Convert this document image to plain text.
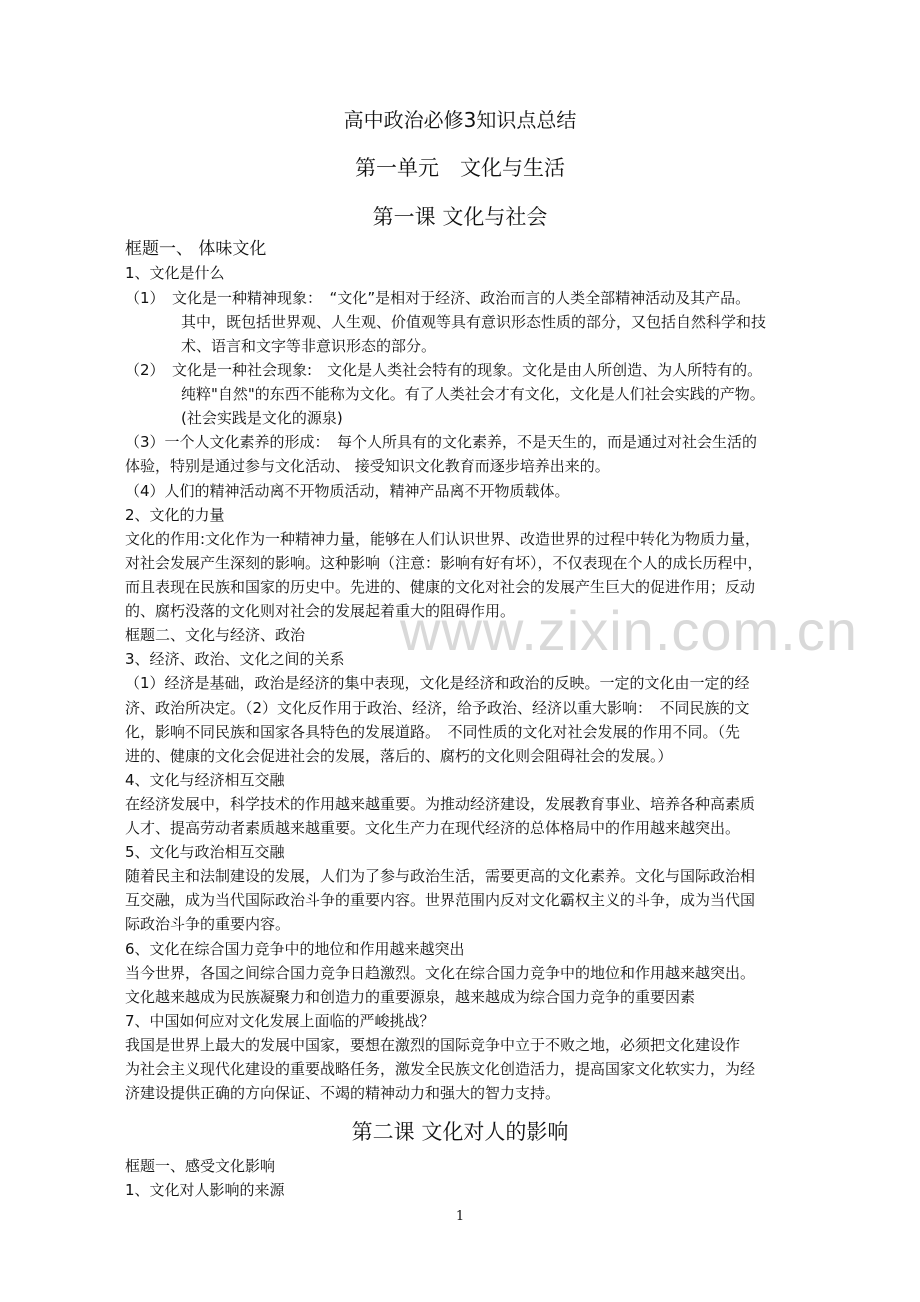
www.zixin.com.cn
高中政治必修3知识点总结
第一单元　文化与生活
第一课 文化与社会
框题一、 体味文化
1、文化是什么
（1）　文化是一种精神现象：　“文化”是相对于经济、政治而言的人类全部精神活动及其产品。
其中，既包括世界观、人生观、价值观等具有意识形态性质的部分，又包括自然科学和技
术、语言和文字等非意识形态的部分。
（2）　文化是一种社会现象:　文化是人类社会特有的现象。文化是由人所创造、为人所特有的。
纯粹"自然"的东西不能称为文化。有了人类社会才有文化，文化是人们社会实践的产物。
(社会实践是文化的源泉)
（3）一个人文化素养的形成：　每个人所具有的文化素养，不是天生的，而是通过对社会生活的
体验，特别是通过参与文化活动、 接受知识文化教育而逐步培养出来的。
（4）人们的精神活动离不开物质活动，精神产品离不开物质载体。
2、文化的力量
文化的作用:文化作为一种精神力量，能够在人们认识世界、改造世界的过程中转化为物质力量，
对社会发展产生深刻的影响。这种影响（注意：影响有好有坏），不仅表现在个人的成长历程中，
而且表现在民族和国家的历史中。先进的、健康的文化对社会的发展产生巨大的促进作用；反动
的、腐朽没落的文化则对社会的发展起着重大的阻碍作用。
框题二、文化与经济、政治
3、经济、政治、文化之间的关系
（1）经济是基础，政治是经济的集中表现，文化是经济和政治的反映。一定的文化由一定的经
济、政治所决定。（2）文化反作用于政治、经济，给予政治、经济以重大影响：　不同民族的文
化，影响不同民族和国家各具特色的发展道路。　不同性质的文化对社会发展的作用不同。（先
进的、健康的文化会促进社会的发展，落后的、腐朽的文化则会阻碍社会的发展。）
4、文化与经济相互交融
在经济发展中，科学技术的作用越来越重要。为推动经济建设，发展教育事业、培养各种高素质
人才、提高劳动者素质越来越重要。文化生产力在现代经济的总体格局中的作用越来越突出。
5、文化与政治相互交融
随着民主和法制建设的发展，人们为了参与政治生活，需要更高的文化素养。文化与国际政治相
互交融，成为当代国际政治斗争的重要内容。世界范围内反对文化霸权主义的斗争，成为当代国
际政治斗争的重要内容。
6、文化在综合国力竞争中的地位和作用越来越突出
当今世界，各国之间综合国力竞争日趋激烈。文化在综合国力竞争中的地位和作用越来越突出。
文化越来越成为民族凝聚力和创造力的重要源泉，越来越成为综合国力竞争的重要因素
7、中国如何应对文化发展上面临的严峻挑战？
我国是世界上最大的发展中国家，要想在激烈的国际竞争中立于不败之地，必须把文化建设作
为社会主义现代化建设的重要战略任务，激发全民族文化创造活力，提高国家文化软实力，为经
济建设提供正确的方向保证、不竭的精神动力和强大的智力支持。
第二课 文化对人的影响
框题一、感受文化影响
1、文化对人影响的来源
1
